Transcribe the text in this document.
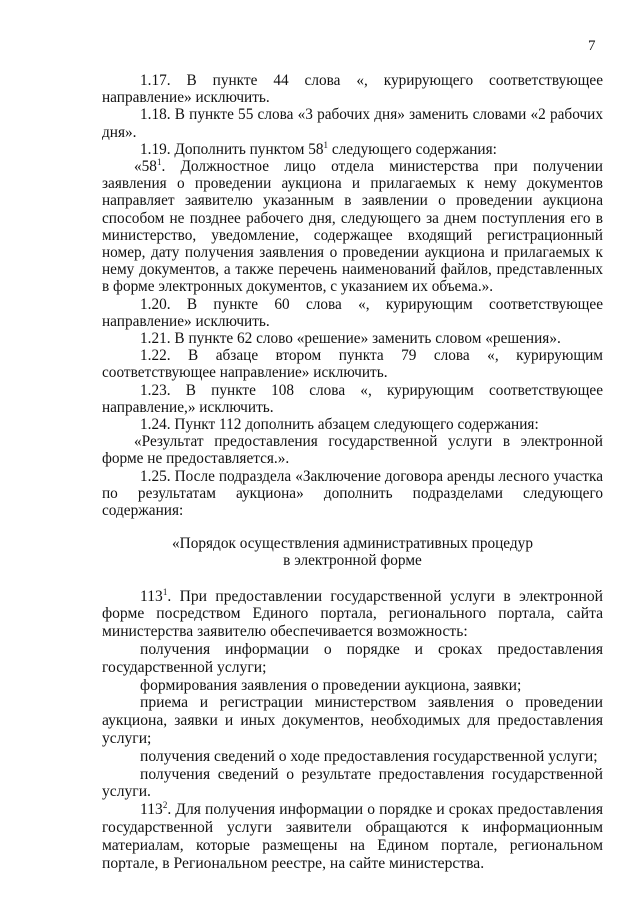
7

1.17. В пункте 44 слова «, курирующего соответствующее направление» исключить.

1.18. В пункте 55 слова «3 рабочих дня» заменить словами «2 рабочих дня».

1.19. Дополнить пунктом $58^1$ следующего содержания:

«$58^1$. Должностное лицо отдела министерства при получении заявления о проведении аукциона и прилагаемых к нему документов направляет заявителю указанным в заявлении о проведении аукциона способом не позднее рабочего дня, следующего за днем поступления его в министерство, уведомление, содержащее входящий регистрационный номер, дату получения заявления о проведении аукциона и прилагаемых к нему документов, а также перечень наименований файлов, представленных в форме электронных документов, с указанием их объема.».

1.20. В пункте 60 слова «, курирующим соответствующее направление» исключить.

1.21. В пункте 62 слово «решение» заменить словом «решения».

1.22. В абзаце втором пункта 79 слова «, курирующим соответствующее направление» исключить.

1.23. В пункте 108 слова «, курирующим соответствующее направление,» исключить.

1.24. Пункт 112 дополнить абзацем следующего содержания:

«Результат предоставления государственной услуги в электронной форме не предоставляется.».

1.25. После подраздела «Заключение договора аренды лесного участка по результатам аукциона» дополнить подразделами следующего содержания:

«Порядок осуществления административных процедур
в электронной форме

$113^1$. При предоставлении государственной услуги в электронной форме посредством Единого портала, регионального портала, сайта министерства заявителю обеспечивается возможность:

получения информации о порядке и сроках предоставления государственной услуги;

формирования заявления о проведении аукциона, заявки;

приема и регистрации министерством заявления о проведении аукциона, заявки и иных документов, необходимых для предоставления услуги;

получения сведений о ходе предоставления государственной услуги;

получения сведений о результате предоставления государственной услуги.

$113^2$. Для получения информации о порядке и сроках предоставления государственной услуги заявители обращаются к информационным материалам, которые размещены на Едином портале, региональном портале, в Региональном реестре, на сайте министерства.
